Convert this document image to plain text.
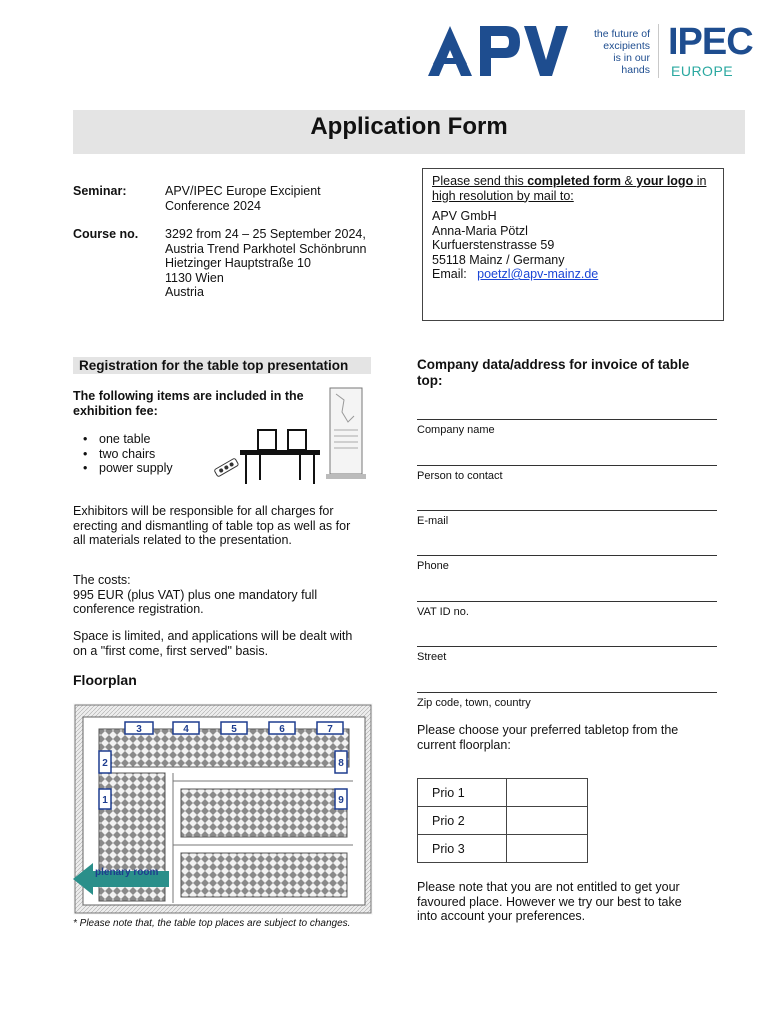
the future of
excipients
is in our hands
IPEC
EUROPE
Application Form
Seminar:	APV/IPEC Europe Excipient
Conference 2024
Course no. 3292 from 24 – 25 September 2024,
Austria Trend Parkhotel Schönbrunn
Hietzinger Hauptstraße 10
1130 Wien
Austria
Please send this completed form & your logo in
high resolution by mail to:
APV GmbH
Anna-Maria Pötzl
Kurfuerstenstrasse 59
55118 Mainz / Germany
Email: poetzl@apv-mainz.de
Registration for the table top presentation
The following items are included in the
exhibition fee:
• one table
• two chairs
• power supply
Exhibitors will be responsible for all charges for
erecting and dismantling of table top as well as for
all materials related to the presentation.
The costs:
995 EUR (plus VAT) plus one mandatory full
conference registration.
Space is limited, and applications will be dealt with
on a "first come, first served" basis.
Company data/address for invoice of table
top:
Company name
Person to contact
E-mail
Phone
VAT ID no.
Street
Zip code, town, country
Please choose your preferred tabletop from the
current floorplan:
Prio 1	
Prio 2	
Prio 3	
Please note that you are not entitled to get your
favoured place. However we try our best to take
into account your preferences.
Floorplan
3	4	5	6	7
2
1
8
9
plenary room
* Please note that, the table top places are subject to changes.
